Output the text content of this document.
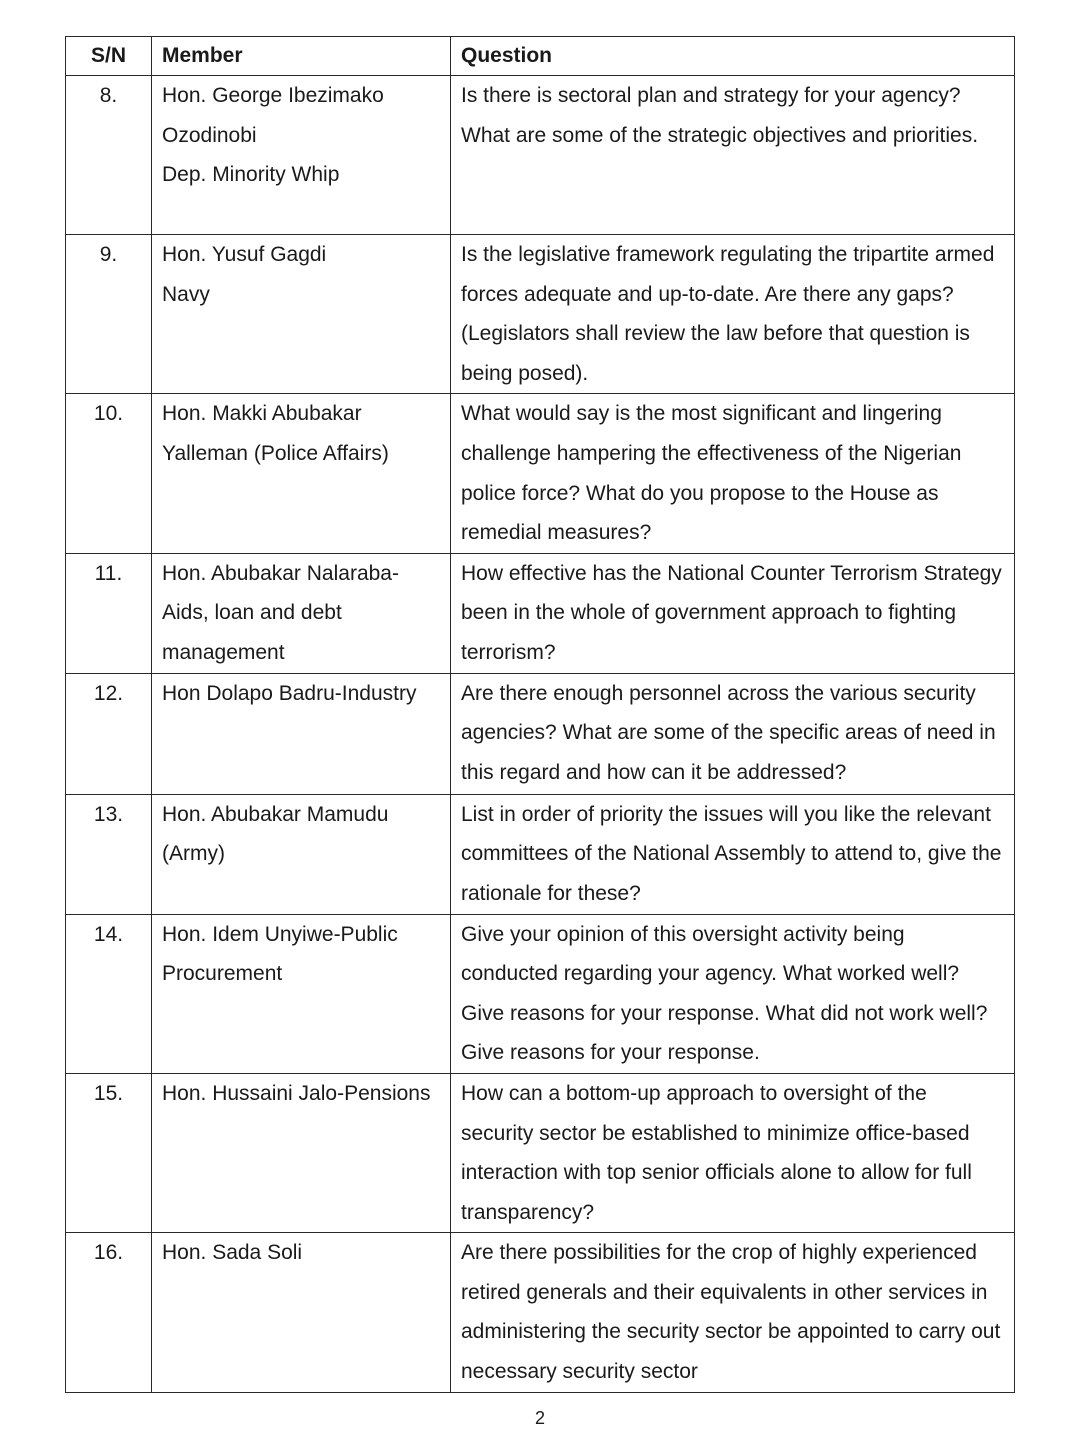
S/N	Member	Question
8.	Hon. George Ibezimako
Ozodinobi
Dep. Minority Whip	Is there is sectoral plan and strategy for your agency? What are some of the strategic objectives and priorities.

9.	Hon. Yusuf Gagdi
Navy	Is the legislative framework regulating the tripartite armed forces adequate and up-to-date. Are there any gaps? (Legislators shall review the law before that question is being posed).

10.	Hon. Makki Abubakar
Yalleman (Police Affairs)	What would say is the most significant and lingering challenge hampering the effectiveness of the Nigerian police force? What do you propose to the House as remedial measures?

11.	Hon. Abubakar Nalaraba-
Aids, loan and debt
management	How effective has the National Counter Terrorism Strategy been in the whole of government approach to fighting terrorism?

12.	Hon Dolapo Badru-Industry	Are there enough personnel across the various security agencies? What are some of the specific areas of need in this regard and how can it be addressed?

13.	Hon. Abubakar Mamudu
(Army)	List in order of priority the issues will you like the relevant committees of the National Assembly to attend to, give the rationale for these?

14.	Hon. Idem Unyiwe-Public
Procurement	Give your opinion of this oversight activity being conducted regarding your agency. What worked well? Give reasons for your response. What did not work well? Give reasons for your response.

15.	Hon. Hussaini Jalo-Pensions	How can a bottom-up approach to oversight of the security sector be established to minimize office-based interaction with top senior officials alone to allow for full transparency?

16.	Hon. Sada Soli	Are there possibilities for the crop of highly experienced retired generals and their equivalents in other services in administering the security sector be appointed to carry out necessary security sector
2
